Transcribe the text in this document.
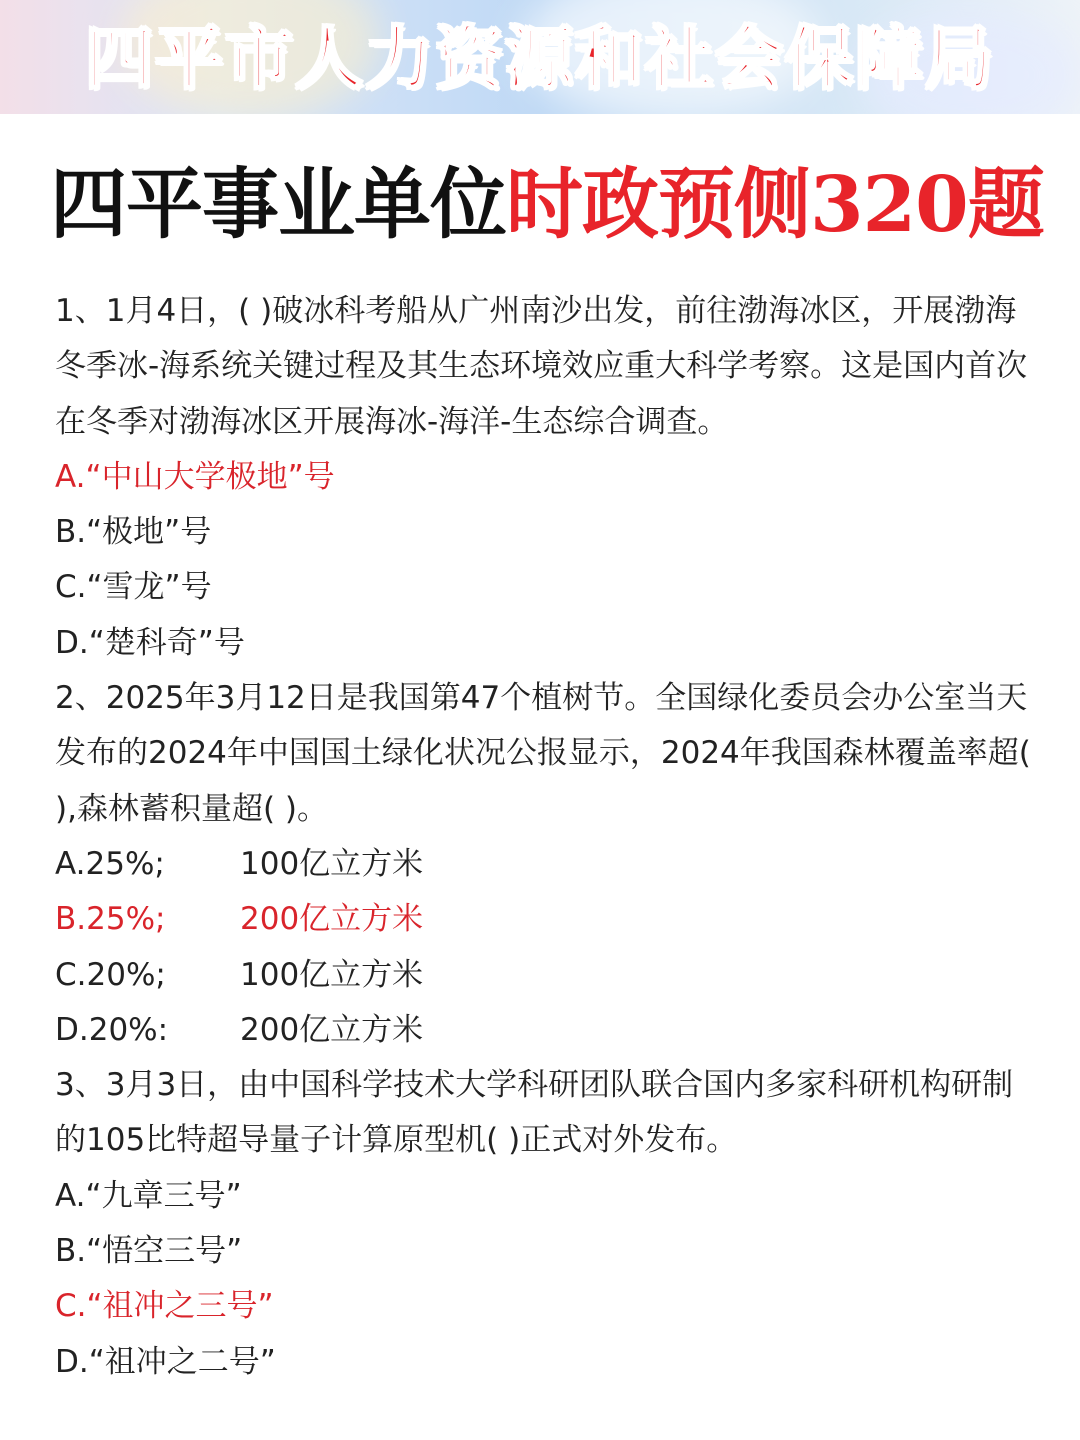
四平市人力资源和社会保障局
四平事业单位时政预侧320题

1、1月4日，( )破冰科考船从广州南沙出发，前往渤海冰区，开展渤海冬季冰-海系统关键过程及其生态环境效应重大科学考察。这是国内首次在冬季对渤海冰区开展海冰-海洋-生态综合调查。

A.“中山大学极地”号

B.“极地”号

C.“雪龙”号

D.“楚科奇”号

2、2025年3月12日是我国第47个植树节。全国绿化委员会办公室当天发布的2024年中国国土绿化状况公报显示，2024年我国森林覆盖率超( ),森林蓄积量超( )。

A.25%;	100亿立方米
B.25%;	200亿立方米
C.20%;	100亿立方米
D.20%:	200亿立方米

3、3月3日，由中国科学技术大学科研团队联合国内多家科研机构研制的105比特超导量子计算原型机( )正式对外发布。

A.“九章三号”

B.“悟空三号”

C.“祖冲之三号”

D.“祖冲之二号”
